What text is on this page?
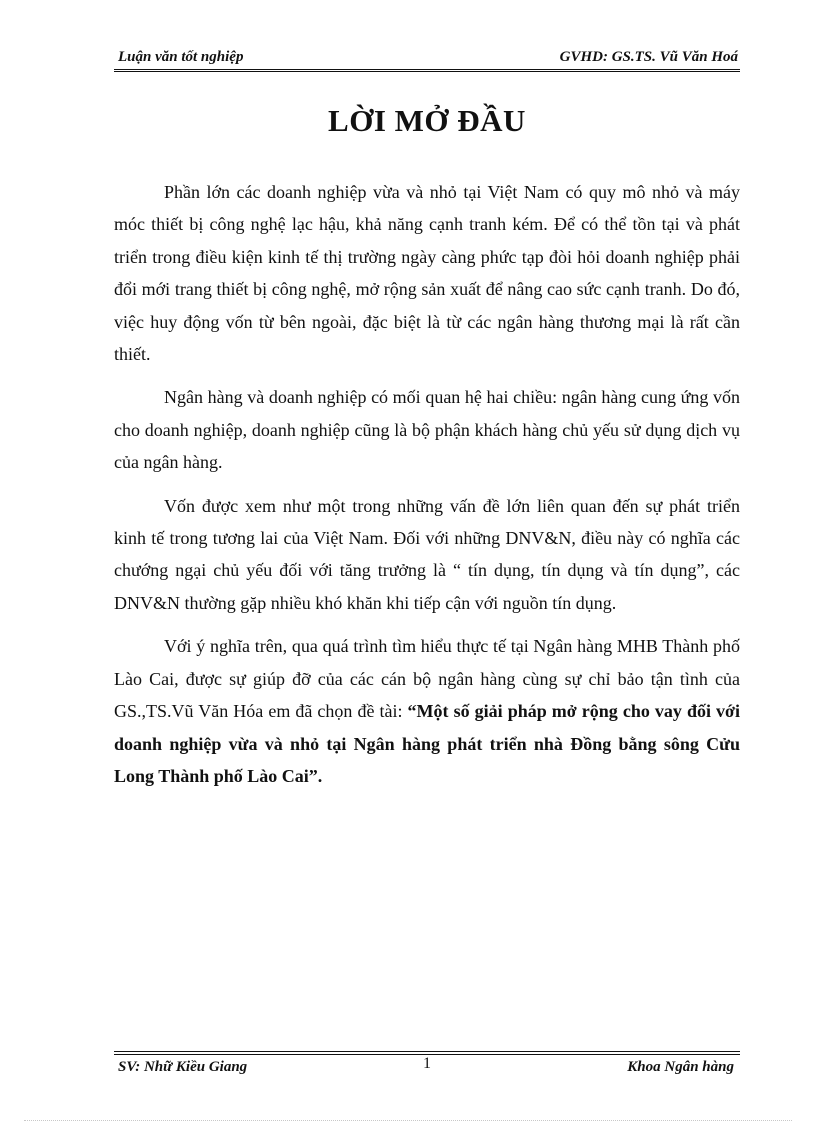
Luận văn tốt nghiệp	GVHD: GS.TS. Vũ Văn Hoá
LỜI MỞ ĐẦU

Phần lớn các doanh nghiệp vừa và nhỏ tại Việt Nam có quy mô nhỏ và máy móc thiết bị công nghệ lạc hậu, khả năng cạnh tranh kém. Để có thể tồn tại và phát triển trong điều kiện kinh tế thị trường ngày càng phức tạp đòi hỏi doanh nghiệp phải đổi mới trang thiết bị công nghệ, mở rộng sản xuất để nâng cao sức cạnh tranh. Do đó, việc huy động vốn từ bên ngoài, đặc biệt là từ các ngân hàng thương mại là rất cần thiết.

Ngân hàng và doanh nghiệp có mối quan hệ hai chiều: ngân hàng cung ứng vốn cho doanh nghiệp, doanh nghiệp cũng là bộ phận khách hàng chủ yếu sử dụng dịch vụ của ngân hàng.

Vốn được xem như một trong những vấn đề lớn liên quan đến sự phát triển kinh tế trong tương lai của Việt Nam. Đối với những DNV&N, điều này có nghĩa các chướng ngại chủ yếu đối với tăng trưởng là “ tín dụng, tín dụng và tín dụng”, các DNV&N thường gặp nhiều khó khăn khi tiếp cận với nguồn tín dụng.

Với ý nghĩa trên, qua quá trình tìm hiểu thực tế tại Ngân hàng MHB Thành phố Lào Cai, được sự giúp đỡ của các cán bộ ngân hàng cùng sự chỉ bảo tận tình của GS.,TS.Vũ Văn Hóa em đã chọn đề tài: “Một số giải pháp mở rộng cho vay đối với doanh nghiệp vừa và nhỏ tại Ngân hàng phát triển nhà Đồng bằng sông Cửu Long Thành phố Lào Cai”.

SV: Nhữ Kiều Giang	1	Khoa Ngân hàng
